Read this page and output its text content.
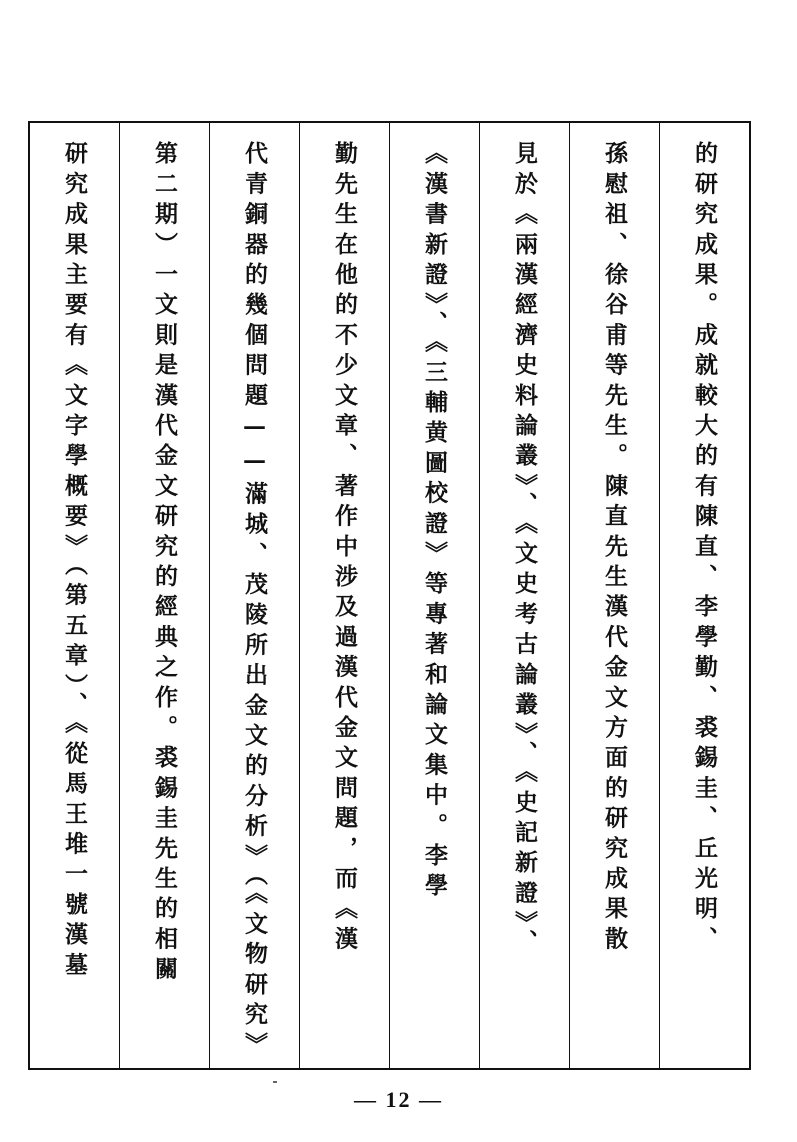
的研究成果。成就較大的有陳直、李學勤、裘錫圭、丘光明、
孫慰祖、徐谷甫等先生。陳直先生漢代金文方面的研究成果散
見於《兩漢經濟史料論叢》、《文史考古論叢》、《史記新證》、
《漢書新證》、《三輔黄圖校證》等專著和論文集中。李學
勤先生在他的不少文章、著作中涉及過漢代金文問題，而《漢
代青銅器的幾個問題——滿城、茂陵所出金文的分析》（《文物研究》
第二期）一文則是漢代金文研究的經典之作。裘錫圭先生的相關
研究成果主要有《文字學概要》（第五章）、《從馬王堆一號漢墓
— 12 —
